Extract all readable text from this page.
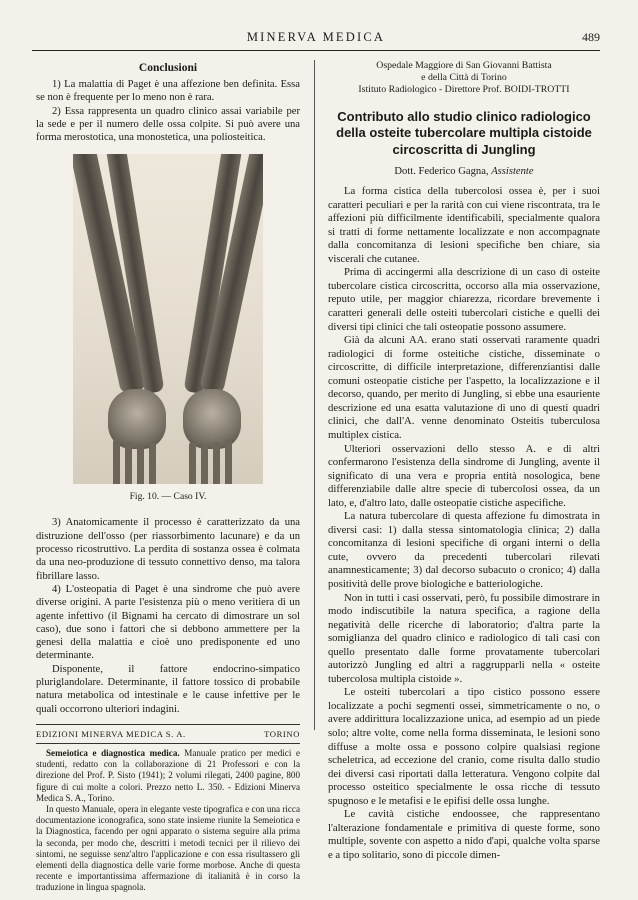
MINERVA MEDICA	489
Conclusioni

1) La malattia di Paget è una affezione ben definita. Essa se non è frequente per lo meno non è rara.

2) Essa rappresenta un quadro clinico assai variabile per la sede e per il numero delle ossa colpite. Si può avere una forma merostotica, una monostetica, una poliosteitica.

Fig. 10. — Caso IV.

3) Anatomicamente il processo è caratterizzato da una distruzione dell'osso (per riassorbimento lacunare) e da un processo ricostruttivo. La perdita di sostanza ossea è colmata da una neo-produzione di tessuto connettivo denso, ma talora fibrillare lasso.

4) L'osteopatia di Paget è una sindrome che può avere diverse origini. A parte l'esistenza più o meno veritiera di un agente infettivo (il Bignami ha cercato di dimostrare un sol caso), due sono i fattori che si debbono ammettere per la genesi della malattia e cioè uno predisponente ed uno determinante.

Disponente, il fattore endocrino-simpatico pluriglandolare. Determinante, il fattore tossico di probabile natura metabolica od intestinale e le cause infettive per le quali occorrono ulteriori indagini.

EDIZIONI MINERVA MEDICA S. A.	TORINO

Semeiotica e diagnostica medica. Manuale pratico per medici e studenti, redatto con la collaborazione di 21 Professori e con la direzione del Prof. P. Sisto (1941); 2 volumi rilegati, 2400 pagine, 800 figure di cui molte a colori. Prezzo netto L. 350. - Edizioni Minerva Medica S. A., Torino.

In questo Manuale, opera in elegante veste tipografica e con una ricca documentazione iconografica, sono state insieme riunite la Semeiotica e la Diagnostica, facendo per ogni apparato o sistema seguire alla prima la seconda, per modo che, descritti i metodi tecnici per il rilievo dei sintomi, ne seguisse senz'altro l'applicazione e con essa risultassero gli elementi della diagnostica delle varie forme morbose. Anche di questa recente e importantissima affermazione di italianità è in corso la traduzione in lingua spagnola.

Ospedale Maggiore di San Giovanni Battista
e della Città di Torino
Istituto Radiologico - Direttore Prof. BOIDI-TROTTI
Contributo allo studio clinico radiologico della osteite tubercolare multipla cistoide circoscritta di Jungling
Dott. Federico Gagna, Assistente

La forma cistica della tubercolosi ossea è, per i suoi caratteri peculiari e per la rarità con cui viene riscontrata, tra le affezioni più difficilmente identificabili, specialmente qualora si tratti di forme nettamente localizzate e non accompagnate dalla concomitanza di lesioni specifiche ben chiare, sia viscerali che cutanee.

Prima di accingermi alla descrizione di un caso di osteite tubercolare cistica circoscritta, occorso alla mia osservazione, reputo utile, per maggior chiarezza, ricordare brevemente i caratteri generali delle osteiti tubercolari cistiche e quelli dei diversi tipi clinici che tali osteopatie possono assumere.

Già da alcuni AA. erano stati osservati raramente quadri radiologici di forme osteitiche cistiche, disseminate o circoscritte, di difficile interpretazione, differenziantisi dalle comuni osteopatie cistiche per l'aspetto, la localizzazione e il decorso, quando, per merito di Jungling, si ebbe una esauriente descrizione ed una esatta valutazione di uno di questi quadri clinici, che dall'A. venne denominato Osteitis tuberculosa multiplex cistica.

Ulteriori osservazioni dello stesso A. e di altri confermarono l'esistenza della sindrome di Jungling, avente il significato di una vera e propria entità nosologica, bene differenziabile dalle altre specie di tubercolosi ossea, da un lato, e, d'altro lato, dalle osteopatie cistiche aspecifiche.

La natura tubercolare di questa affezione fu dimostrata in diversi casi: 1) dalla stessa sintomatologia clinica; 2) dalla concomitanza di lesioni specifiche di organi interni o della cute, ovvero da precedenti tubercolari rilevati anamnesticamente; 3) dal decorso subacuto o cronico; 4) dalla positività delle prove biologiche e batteriologiche.

Non in tutti i casi osservati, però, fu possibile dimostrare in modo indiscutibile la natura specifica, a ragione della negatività delle ricerche di laboratorio; d'altra parte la somiglianza del quadro clinico e radiologico di tali casi con quello presentato dalle forme provatamente tubercolari autorizzò Jungling ed altri a raggrupparli nella « osteite tubercolosa multipla cistoide ».

Le osteiti tubercolari a tipo cistico possono essere localizzate a pochi segmenti ossei, simmetricamente o no, o avere addirittura localizzazione unica, ad esempio ad un piede solo; altre volte, come nella forma disseminata, le lesioni sono diffuse a molte ossa e possono colpire qualsiasi regione scheletrica, ad eccezione del cranio, come risulta dallo studio dei diversi casi riportati dalla letteratura. Vengono colpite dal processo osteitico specialmente le ossa ricche di tessuto spugnoso e le metafisi e le epifisi delle ossa lunghe.

Le cavità cistiche endoossee, che rappresentano l'alterazione fondamentale e primitiva di queste forme, sono multiple, sovente con aspetto a nido d'api, qualche volta sparse e a tipo solitario, sono di piccole dimen-
